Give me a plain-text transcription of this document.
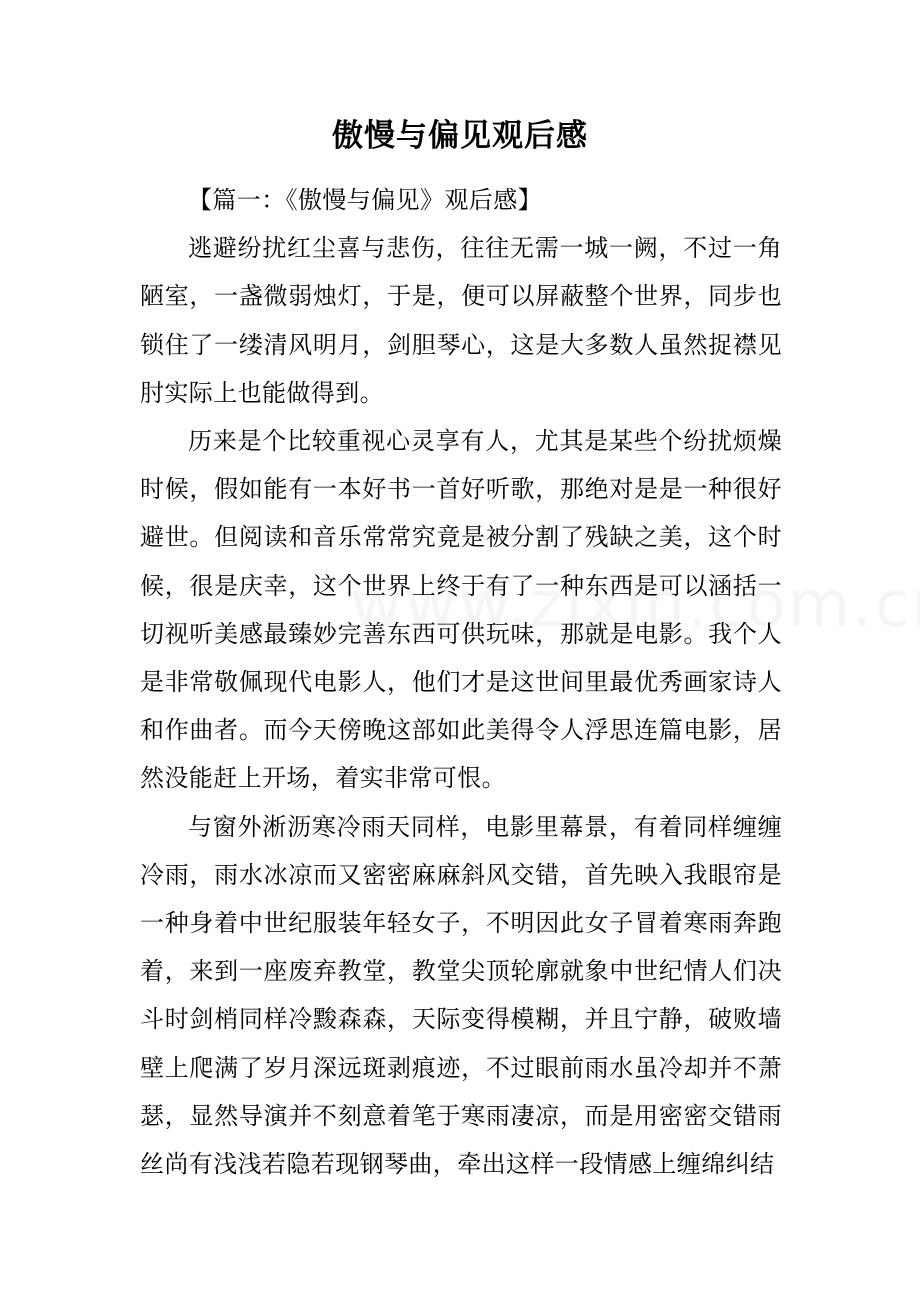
傲慢与偏见观后感

【篇一：《傲慢与偏见》观后感】

逃避纷扰红尘喜与悲伤，往往无需一城一阙，不过一角陋室，一盏微弱烛灯，于是，便可以屏蔽整个世界，同步也锁住了一缕清风明月，剑胆琴心，这是大多数人虽然捉襟见肘实际上也能做得到。

历来是个比较重视心灵享有人，尤其是某些个纷扰烦燥时候，假如能有一本好书一首好听歌，那绝对是是一种很好避世。但阅读和音乐常常究竟是被分割了残缺之美，这个时候，很是庆幸，这个世界上终于有了一种东西是可以涵括一切视听美感最臻妙完善东西可供玩味，那就是电影。我个人是非常敬佩现代电影人，他们才是这世间里最优秀画家诗人和作曲者。而今天傍晚这部如此美得令人浮思连篇电影，居然没能赶上开场，着实非常可恨。

与窗外淅沥寒冷雨天同样，电影里幕景，有着同样缠缠冷雨，雨水冰凉而又密密麻麻斜风交错，首先映入我眼帘是一种身着中世纪服装年轻女子，不明因此女子冒着寒雨奔跑着，来到一座废弃教堂，教堂尖顶轮廓就象中世纪情人们决斗时剑梢同样冷黢森森，天际变得模糊，并且宁静，破败墙壁上爬满了岁月深远斑剥痕迹，不过眼前雨水虽冷却并不萧瑟，显然导演并不刻意着笔于寒雨凄凉，而是用密密交错雨丝尚有浅浅若隐若现钢琴曲，牵出这样一段情感上缠绵纠结
